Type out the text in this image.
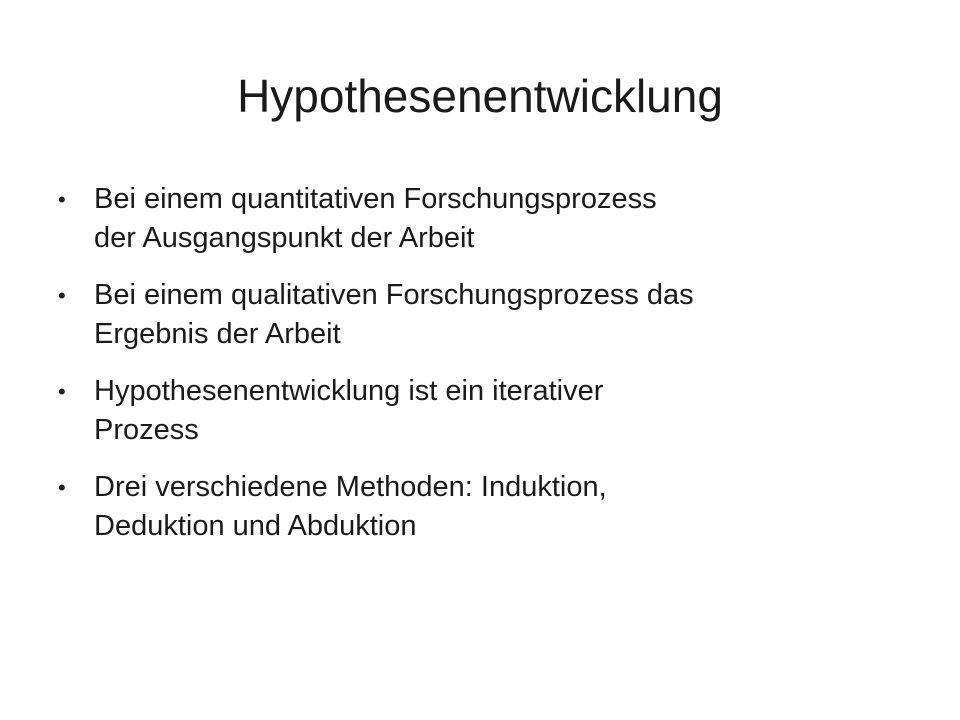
Hypothesenentwicklung
• Bei einem quantitativen Forschungsprozess
der Ausgangspunkt der Arbeit
• Bei einem qualitativen Forschungsprozess das
Ergebnis der Arbeit
• Hypothesenentwicklung ist ein iterativer
Prozess
• Drei verschiedene Methoden: Induktion,
Deduktion und Abduktion
